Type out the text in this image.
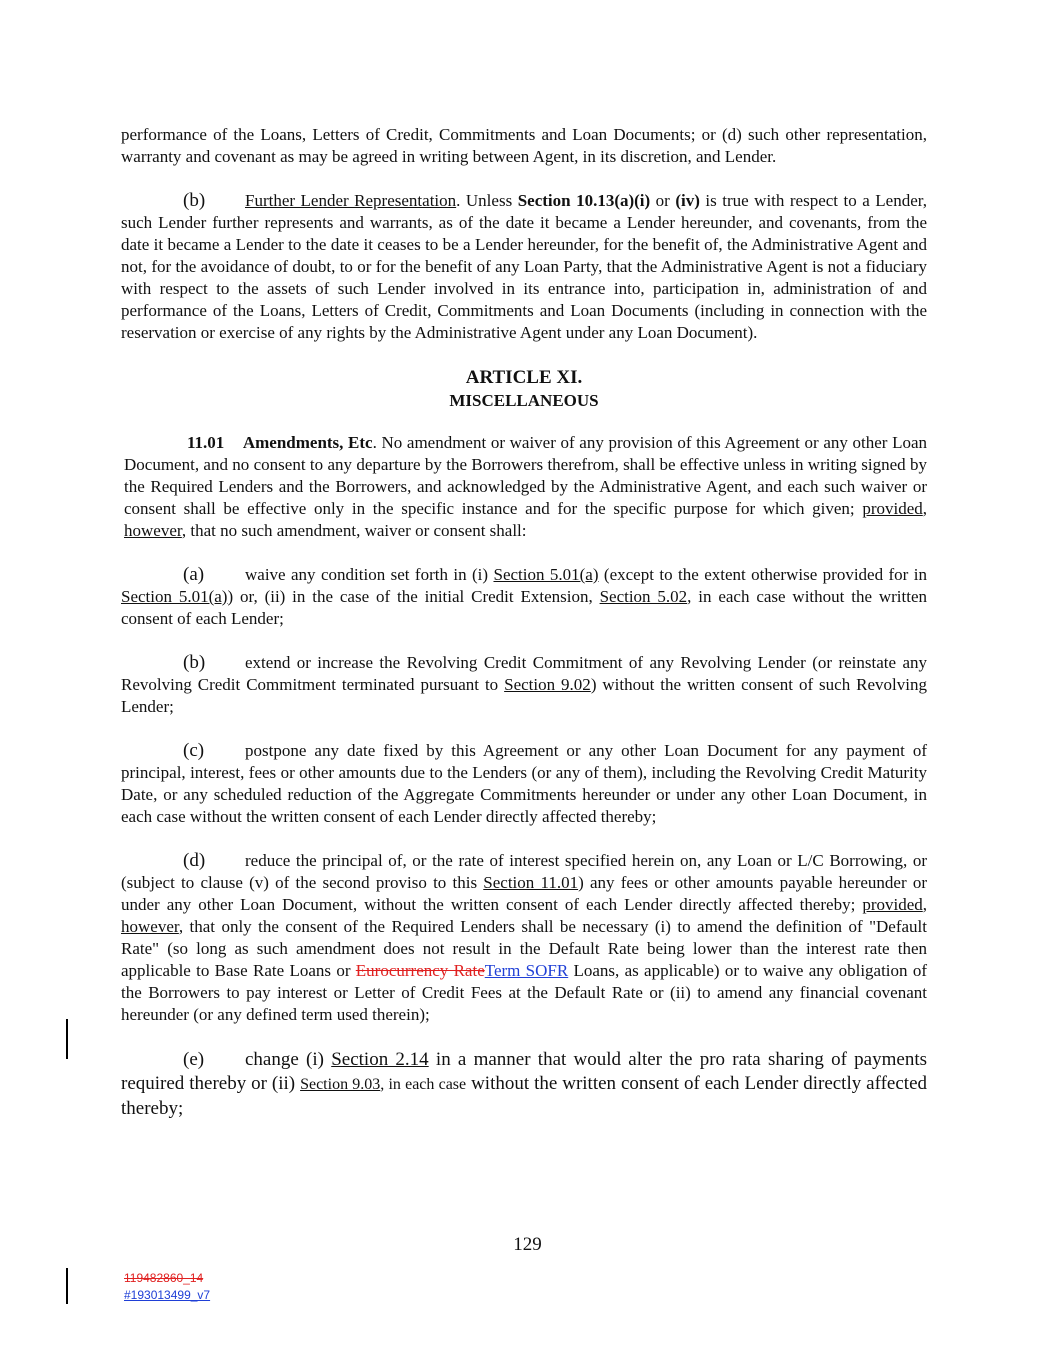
performance of the Loans, Letters of Credit, Commitments and Loan Documents; or (d) such other representation, warranty and covenant as may be agreed in writing between Agent, in its discretion, and Lender.

(b) Further Lender Representation. Unless Section 10.13(a)(i) or (iv) is true with respect to a Lender, such Lender further represents and warrants, as of the date it became a Lender hereunder, and covenants, from the date it became a Lender to the date it ceases to be a Lender hereunder, for the benefit of, the Administrative Agent and not, for the avoidance of doubt, to or for the benefit of any Loan Party, that the Administrative Agent is not a fiduciary with respect to the assets of such Lender involved in its entrance into, participation in, administration of and performance of the Loans, Letters of Credit, Commitments and Loan Documents (including in connection with the reservation or exercise of any rights by the Administrative Agent under any Loan Document).

ARTICLE XI.
MISCELLANEOUS

11.01 Amendments, Etc. No amendment or waiver of any provision of this Agreement or any other Loan Document, and no consent to any departure by the Borrowers therefrom, shall be effective unless in writing signed by the Required Lenders and the Borrowers, and acknowledged by the Administrative Agent, and each such waiver or consent shall be effective only in the specific instance and for the specific purpose for which given; provided, however, that no such amendment, waiver or consent shall:

(a) waive any condition set forth in (i) Section 5.01(a) (except to the extent otherwise provided for in Section 5.01(a)) or, (ii) in the case of the initial Credit Extension, Section 5.02, in each case without the written consent of each Lender;

(b) extend or increase the Revolving Credit Commitment of any Revolving Lender (or reinstate any Revolving Credit Commitment terminated pursuant to Section 9.02) without the written consent of such Revolving Lender;

(c) postpone any date fixed by this Agreement or any other Loan Document for any payment of principal, interest, fees or other amounts due to the Lenders (or any of them), including the Revolving Credit Maturity Date, or any scheduled reduction of the Aggregate Commitments hereunder or under any other Loan Document, in each case without the written consent of each Lender directly affected thereby;

(d) reduce the principal of, or the rate of interest specified herein on, any Loan or L/C Borrowing, or (subject to clause (v) of the second proviso to this Section 11.01) any fees or other amounts payable hereunder or under any other Loan Document, without the written consent of each Lender directly affected thereby; provided, however, that only the consent of the Required Lenders shall be necessary (i) to amend the definition of "Default Rate" (so long as such amendment does not result in the Default Rate being lower than the interest rate then applicable to Base Rate Loans or Eurocurrency RateTerm SOFR Loans, as applicable) or to waive any obligation of the Borrowers to pay interest or Letter of Credit Fees at the Default Rate or (ii) to amend any financial covenant hereunder (or any defined term used therein);

(e) change (i) Section 2.14 in a manner that would alter the pro rata sharing of payments required thereby or (ii) Section 9.03, in each case without the written consent of each Lender directly affected thereby;

129
119482860_14
#193013499_v7
